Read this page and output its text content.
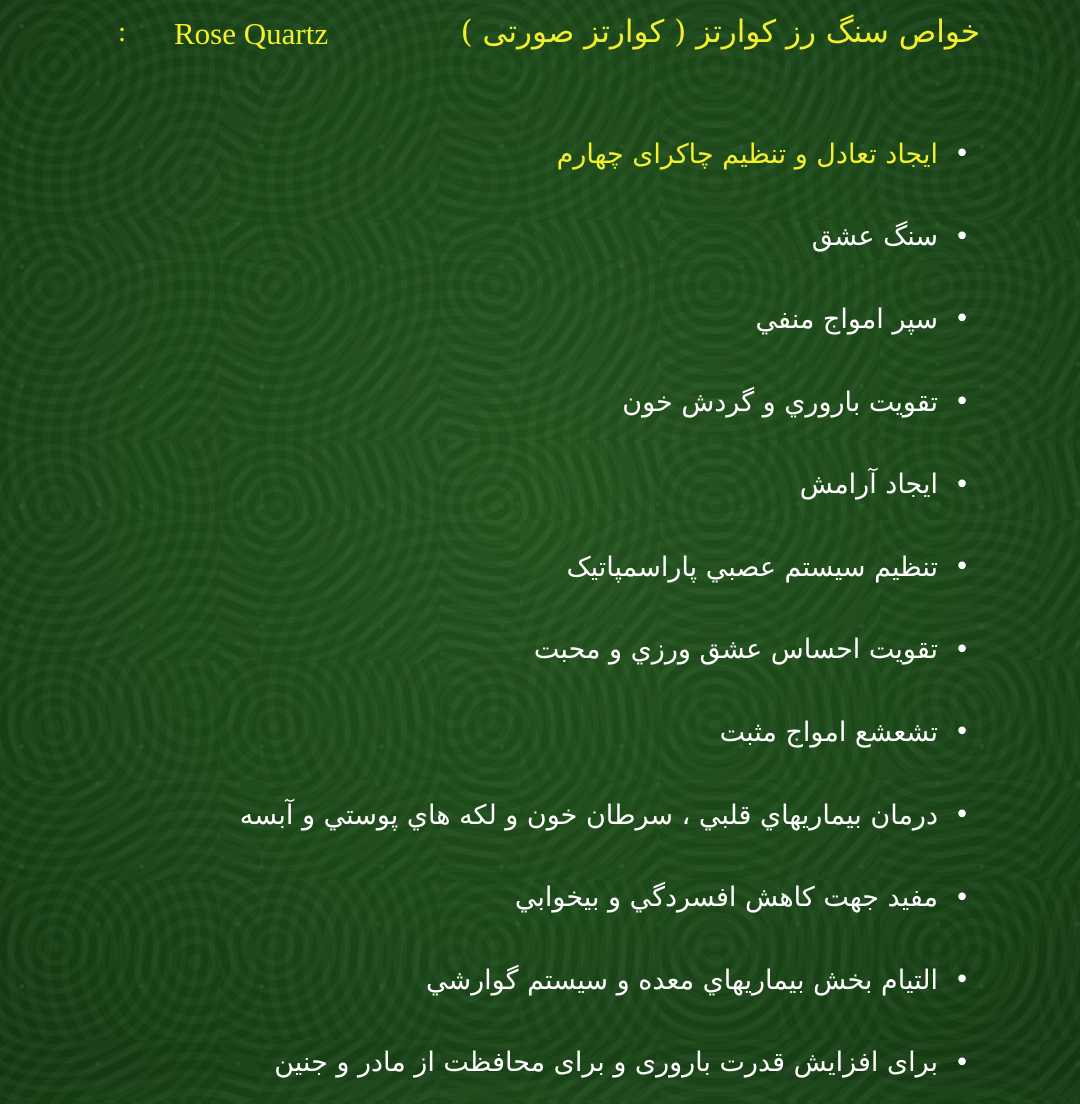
: Rose Quartz	خواص سنگ رز کوارتز ( کوارتز صورتی )
•
ایجاد تعادل و تنظیم چاکرای چهارم
•
سنگ عشق
•
سپر امواج منفي
•
تقويت باروري و گردش خون
•
ایجاد آرامش
•
تنظيم سيستم عصبي پاراسمپاتیک
•
تقويت احساس عشق ورزي و محبت
•
تشعشع امواج مثبت
•
درمان بيماريهاي قلبي ، سرطان خون و لكه هاي پوستي و آبسه
•
مفيد جهت كاهش افسردگي و بيخوابي
•
التيام بخش بيماريهاي معده و سيستم گوارشي
•
برای افزایش قدرت باروری و برای محافظت از مادر و جنین
